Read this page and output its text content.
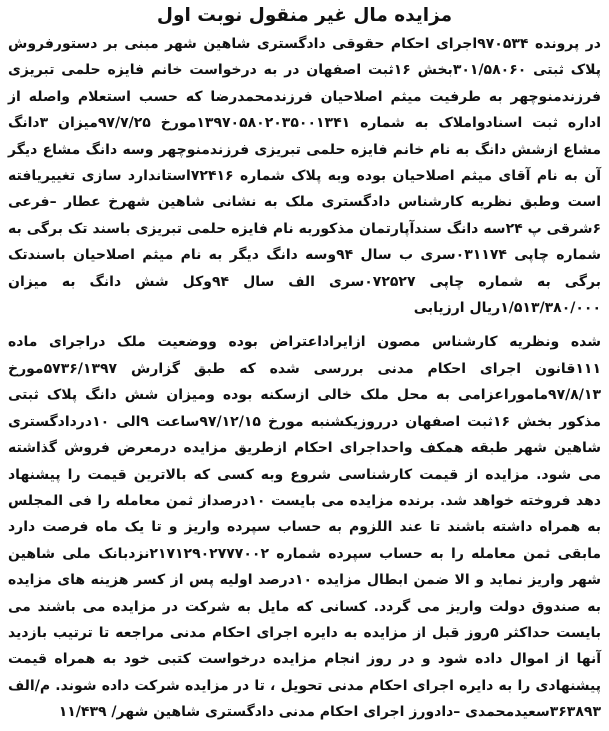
مزایده مال غیر منقول نوبت اول

در پرونده ۹۷۰۵۳۴اجرای احکام حقوقی دادگستری شاهین شهر مبنی بر دستورفروش پلاک ثبتی ۳۰۱/۵۸۰۶۰بخش ۱۶ثبت اصفهان در به درخواست خانم فایزه حلمی تبریزی فرزندمنوچهر به طرفیت میثم اصلاحیان فرزندمحمدرضا که حسب استعلام واصله از اداره ثبت اسنادواملاک به شماره ۱۳۹۷۰۵۸۰۲۰۳۵۰۰۱۳۴۱مورخ ۹۷/۷/۲۵میزان ۳دانگ مشاع ازشش دانگ به نام خانم فایزه حلمی تبریزی فرزندمنوچهر وسه دانگ مشاع دیگر آن به نام آقای میثم اصلاحیان بوده وبه پلاک شماره ۷۲۴۱۶استاندارد سازی تغییریافته است وطبق نظریه کارشناس دادگستری ملک به نشانی شاهین شهرخ عطار –فرعی ۶شرقی پ ۲۴سه دانگ سندآپارتمان مذکوربه نام فایزه حلمی تبریزی باسند تک برگی به شماره چاپی ۰۳۱۱۷۴سری ب سال ۹۴وسه دانگ دیگر به نام میثم اصلاحیان باسندتک برگی به شماره چاپی ۰۷۲۵۲۷سری الف سال ۹۴وکل شش دانگ به میزان ۱/۵۱۳/۳۸۰/۰۰۰ریال ارزیابی

شده ونظریه کارشناس مصون ازایراداعتراض بوده ووضعیت ملک دراجرای ماده ۱۱۱قانون اجرای احکام مدنی بررسی شده که طبق گزارش ۵۷۳۶/۱۳۹۷مورخ ۹۷/۸/۱۳ماموراعزامی به محل ملک خالی ازسکنه بوده ومیزان شش دانگ پلاک ثبتی مذکور بخش ۱۶ثبت اصفهان درروزیکشنبه مورخ ۹۷/۱۲/۱۵ساعت ۹الی ۱۰دردادگستری شاهین شهر طبقه همکف واحداجرای احکام ازطریق مزایده درمعرض فروش گذاشته می شود. مزایده از قیمت کارشناسی شروع وبه کسی که بالاترین قیمت را پیشنهاد دهد فروخته خواهد شد. برنده مزایده می بایست ۱۰درصداز ثمن معامله را فی المجلس به همراه داشته باشند تا عند اللزوم به حساب سپرده واریز و تا یک ماه فرصت دارد مابقی ثمن معامله را به حساب سپرده شماره ۲۱۷۱۲۹۰۲۷۷۷۰۰۲نزدبانک ملی شاهین شهر واریز نماید و الا ضمن ابطال مزایده ۱۰درصد اولیه پس از کسر هزینه های مزایده به صندوق دولت واریز می گردد. کسانی که مایل به شرکت در مزایده می باشند می بایست حداکثر ۵روز قبل از مزایده به دایره اجرای احکام مدنی مراجعه تا ترتیب بازدید آنها از اموال داده شود و در روز انجام مزایده درخواست کتبی خود به همراه قیمت پیشنهادی را به دایره اجرای احکام مدنی تحویل ، تا در مزایده شرکت داده شوند. م/الف ۳۶۳۸۹۳سعیدمحمدی –دادورز اجرای احکام مدنی دادگستری شاهین شهر/ ۱۱/۴۳۹
